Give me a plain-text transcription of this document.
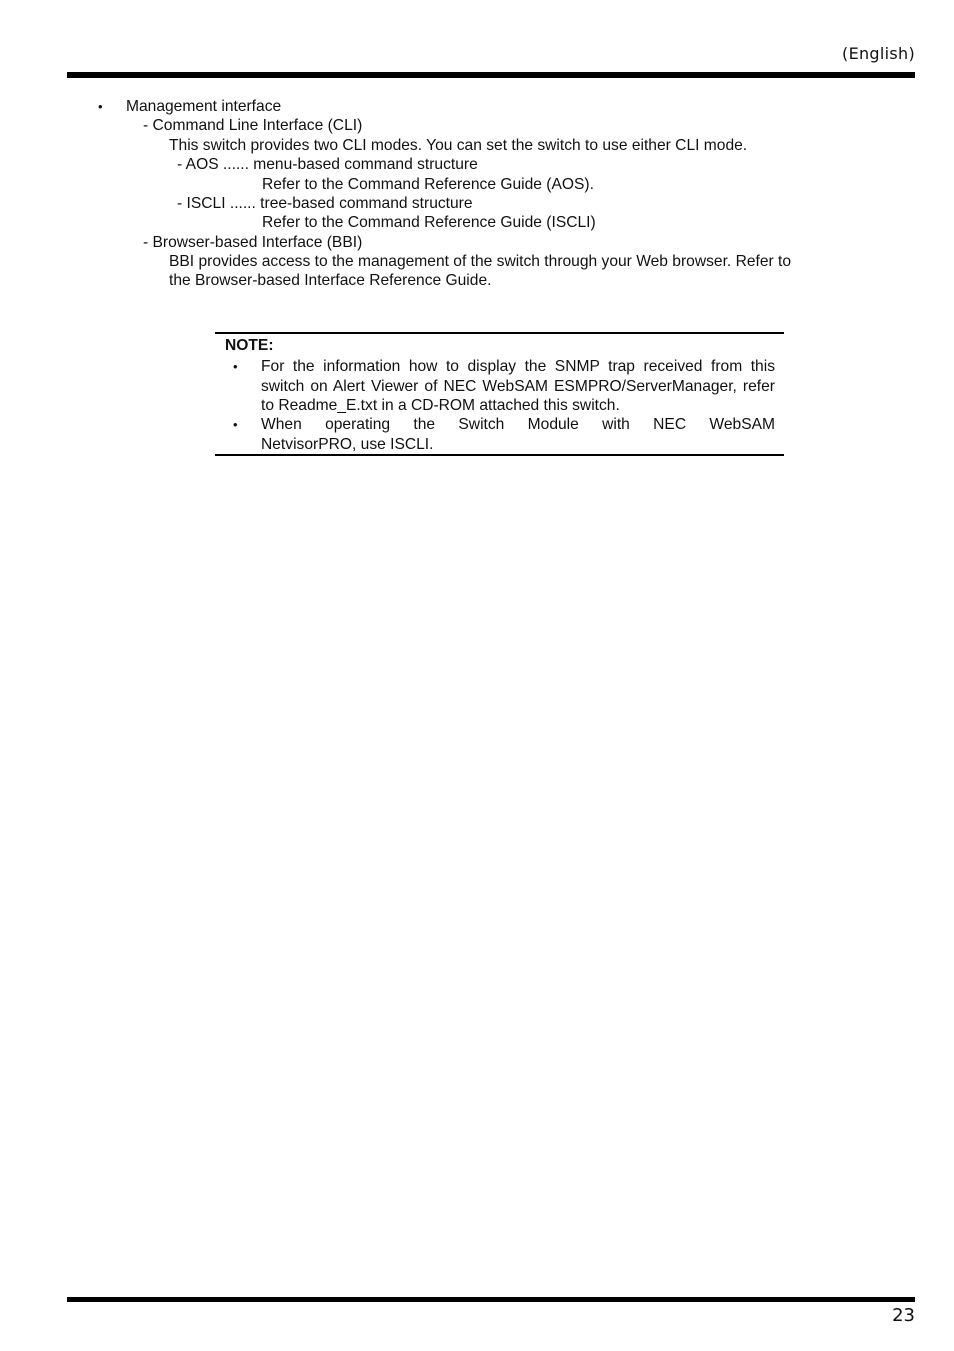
(English)
• Management interface
- Command Line Interface (CLI)
This switch provides two CLI modes. You can set the switch to use either CLI mode.
- AOS ...... menu-based command structure
Refer to the Command Reference Guide (AOS).
- ISCLI ...... tree-based command structure
Refer to the Command Reference Guide (ISCLI)
- Browser-based Interface (BBI)
BBI provides access to the management of the switch through your Web browser. Refer to
the Browser-based Interface Reference Guide.
NOTE:
• For the information how to display the SNMP trap received from this switch on Alert Viewer of NEC WebSAM ESMPRO/ServerManager, refer to Readme_E.txt in a CD-ROM attached this switch.
• When operating the Switch Module with NEC WebSAM
NetvisorPRO, use ISCLI.
23
